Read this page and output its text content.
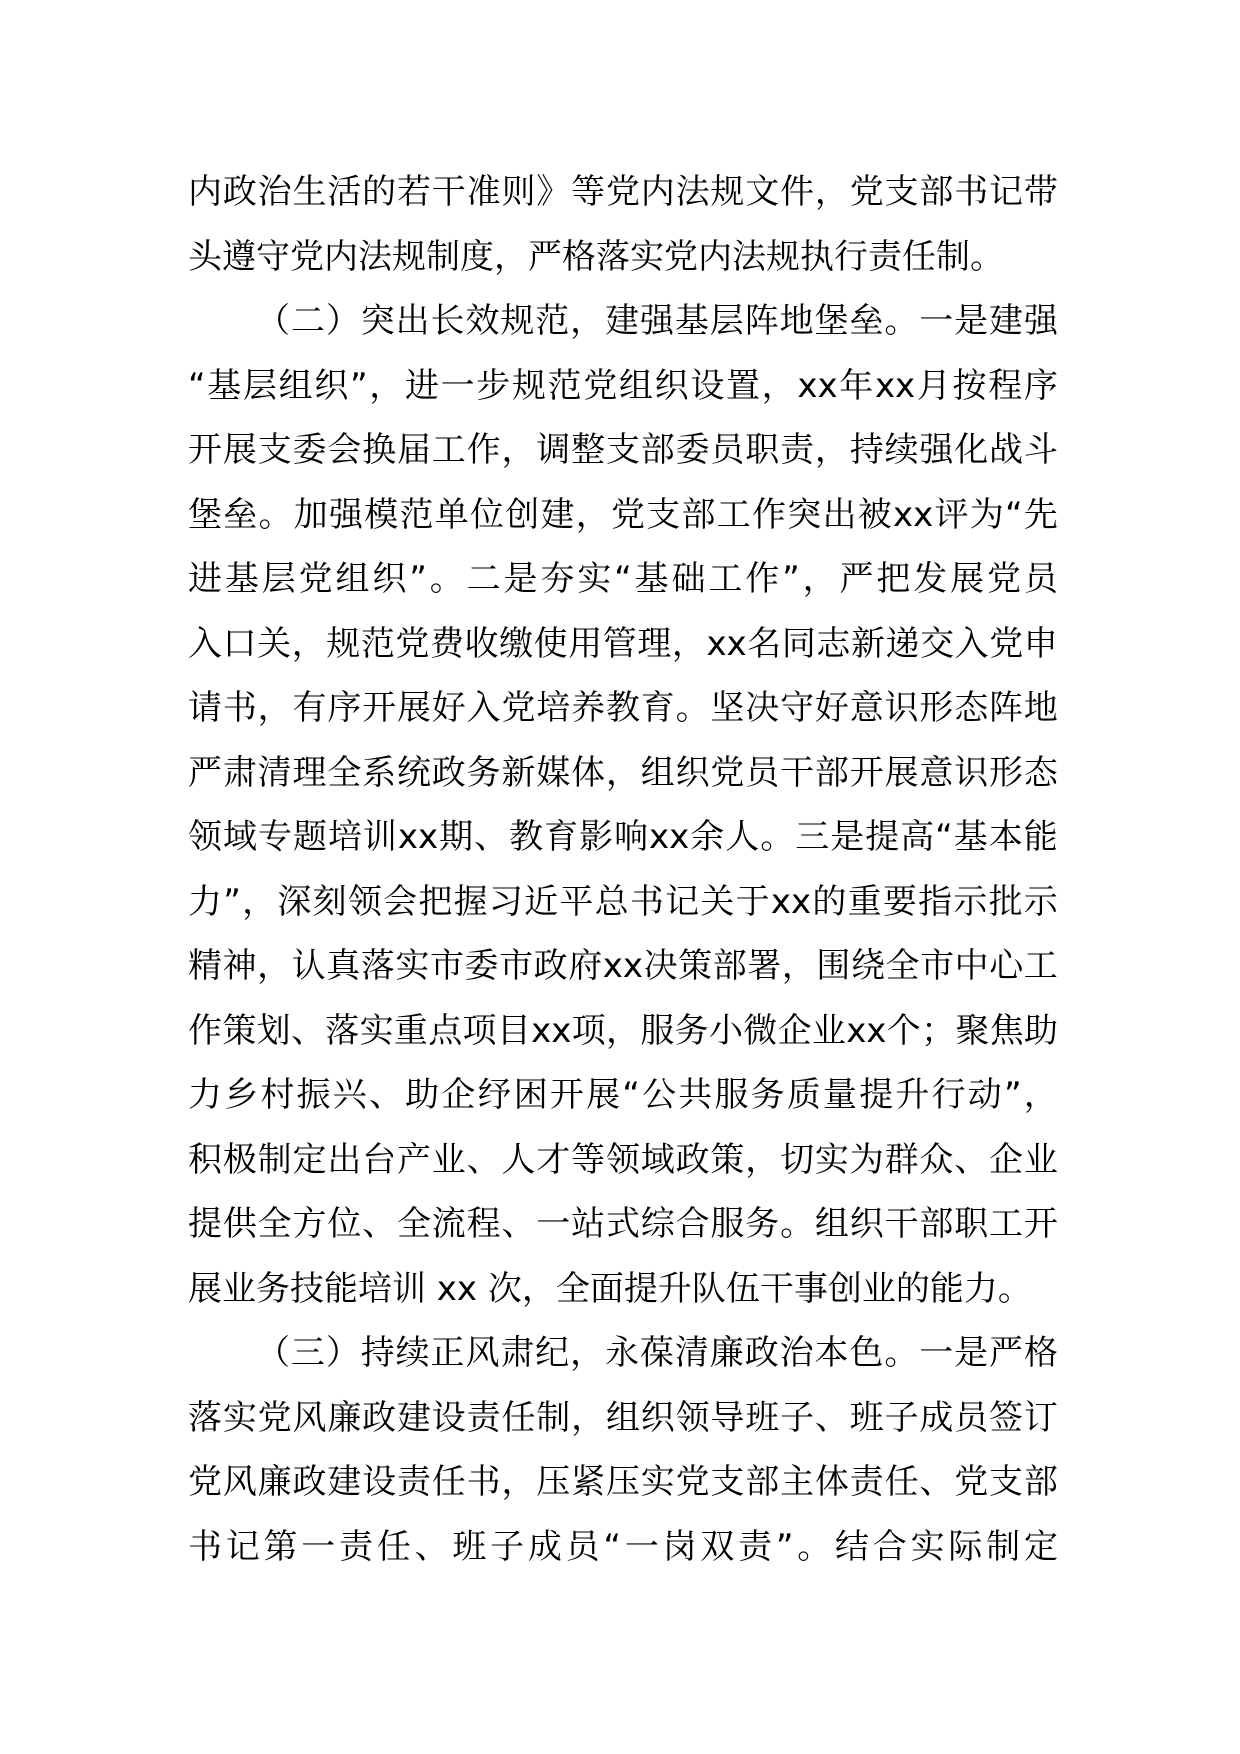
内 政 治 生 活 的 若 干 准 则 》 等 党 内 法 规 文 件 ， 党 支 部 书 记 带
头遵守党内法规制度，严格落实党内法规执行责任制。
（ 二 ） 突 出 长 效 规 范 ， 建 强 基 层 阵 地 堡 垒 。 一 是 建 强
“ 基 层 组 织 ” ， 进 一 步 规 范 党 组 织 设 置 ， xx 年 xx 月 按 程 序
开 展 支 委 会 换 届 工 作 ， 调 整 支 部 委 员 职 责 ， 持 续 强 化 战 斗
堡 垒 。 加 强 模 范 单 位 创 建 ， 党 支 部 工 作 突 出 被 xx 评 为 “ 先
进 基 层 党 组 织 ” 。 二 是 夯 实 “ 基 础 工 作 ” ， 严 把 发 展 党 员
入 口 关 ， 规 范 党 费 收 缴 使 用 管 理 ， xx 名 同 志 新 递 交 入 党 申
请 书 ， 有 序 开 展 好 入 党 培 养 教 育 。 坚 决 守 好 意 识 形 态 阵 地
严 肃 清 理 全 系 统 政 务 新 媒 体 ， 组 织 党 员 干 部 开 展 意 识 形 态
领 域 专 题 培 训 xx 期 、 教 育 影 响 xx 余 人 。 三 是 提 高 “ 基 本 能
力 ” ， 深 刻 领 会 把 握 习 近 平 总 书 记 关 于 xx 的 重 要 指 示 批 示
精 神 ， 认 真 落 实 市 委 市 政 府 xx 决 策 部 署 ， 围 绕 全 市 中 心 工
作 策 划 、 落 实 重 点 项 目 xx 项 ， 服 务 小 微 企 业 xx 个 ； 聚 焦 助
力 乡 村 振 兴 、 助 企 纾 困 开 展 “ 公 共 服 务 质 量 提 升 行 动 ” ，
积 极 制 定 出 台 产 业 、 人 才 等 领 域 政 策 ， 切 实 为 群 众 、 企 业
提 供 全 方 位 、 全 流 程 、 一 站 式 综 合 服 务 。 组 织 干 部 职 工 开
展业务技能培训 xx 次，全面提升队伍干事创业的能力。
（ 三 ） 持 续 正 风 肃 纪 ， 永 葆 清 廉 政 治 本 色 。 一 是 严 格
落 实 党 风 廉 政 建 设 责 任 制 ， 组 织 领 导 班 子 、 班 子 成 员 签 订
党 风 廉 政 建 设 责 任 书 ， 压 紧 压 实 党 支 部 主 体 责 任 、 党 支 部
书 记 第 一 责 任 、 班 子 成 员 “ 一 岗 双 责 ” 。 结 合 实 际 制 定
